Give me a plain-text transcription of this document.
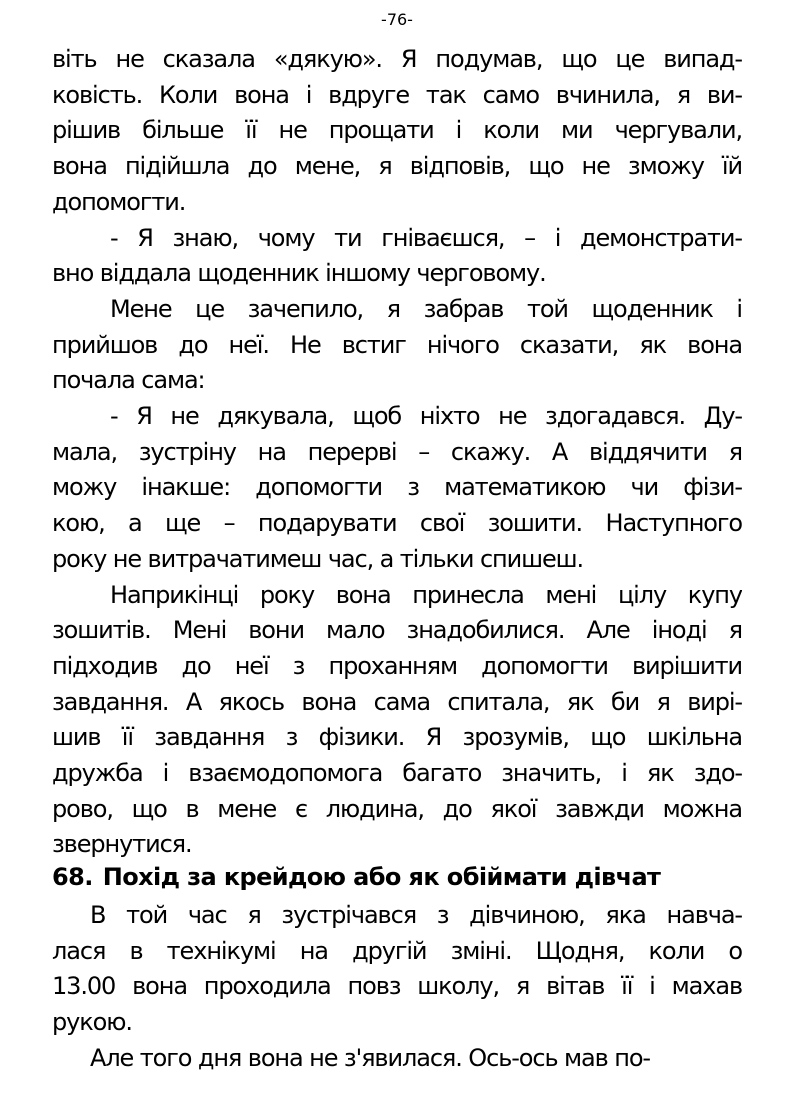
-76-
віть не сказала «дякую». Я подумав, що це випад-
ковість. Коли вона і вдруге так само вчинила, я ви-
рішив більше її не прощати і коли ми чергували,
вона підійшла до мене, я відповів, що не зможу їй
допомогти.
- Я знаю, чому ти гніваєшся, – і демонстрати-
вно віддала щоденник іншому черговому.
Мене це зачепило, я забрав той щоденник і
прийшов до неї. Не встиг нічого сказати, як вона
почала сама:
- Я не дякувала, щоб ніхто не здогадався. Ду-
мала, зустріну на перерві – скажу. А віддячити я
можу інакше: допомогти з математикою чи фізи-
кою, а ще – подарувати свої зошити. Наступного
року не витрачатимеш час, а тільки спишеш.
Наприкінці року вона принесла мені цілу купу
зошитів. Мені вони мало знадобилися. Але іноді я
підходив до неї з проханням допомогти вирішити
завдання. А якось вона сама спитала, як би я вирі-
шив її завдання з фізики. Я зрозумів, що шкільна
дружба і взаємодопомога багато значить, і як здо-
рово, що в мене є людина, до якої завжди можна
звернутися.
68. Похід за крейдою або як обіймати дівчат
В той час я зустрічався з дівчиною, яка навча-
лася в технікумі на другій зміні. Щодня, коли о
13.00 вона проходила повз школу, я вітав її і махав
рукою.
Але того дня вона не з'явилася. Ось-ось мав по-
